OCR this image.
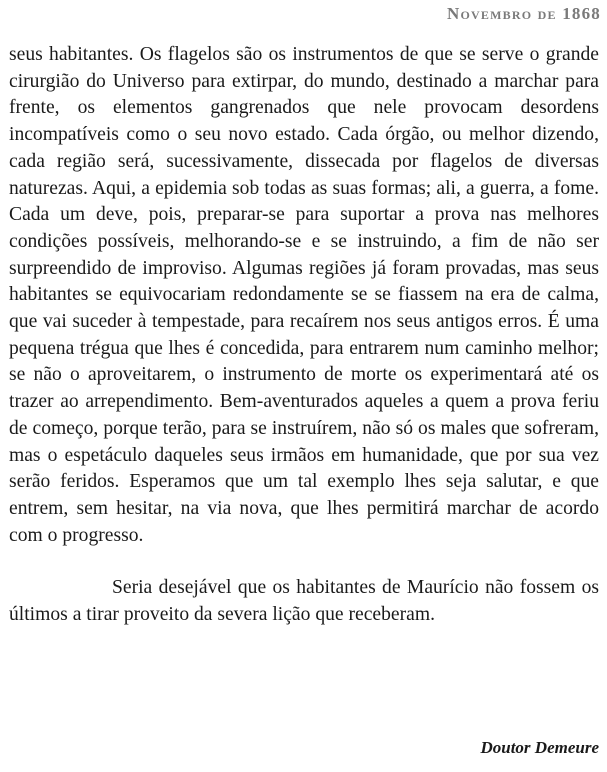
Novembro de 1868

seus habitantes. Os flagelos são os instrumentos de que se serve o grande cirurgião do Universo para extirpar, do mundo, destinado a marchar para frente, os elementos gangrenados que nele provocam desordens incompatíveis como o seu novo estado. Cada órgão, ou melhor dizendo, cada região será, sucessivamente, dissecada por flagelos de diversas naturezas. Aqui, a epidemia sob todas as suas formas; ali, a guerra, a fome. Cada um deve, pois, preparar-se para suportar a prova nas melhores condições possíveis, melhorando-se e se instruindo, a fim de não ser surpreendido de improviso. Algumas regiões já foram provadas, mas seus habitantes se equivocariam redondamente se se fiassem na era de calma, que vai suceder à tempestade, para recaírem nos seus antigos erros. É uma pequena trégua que lhes é concedida, para entrarem num caminho melhor; se não o aproveitarem, o instrumento de morte os experimentará até os trazer ao arrependimento. Bem-aventurados aqueles a quem a prova feriu de começo, porque terão, para se instruírem, não só os males que sofreram, mas o espetáculo daqueles seus irmãos em humanidade, que por sua vez serão feridos. Esperamos que um tal exemplo lhes seja salutar, e que entrem, sem hesitar, na via nova, que lhes permitirá marchar de acordo com o progresso.

Seria desejável que os habitantes de Maurício não fossem os últimos a tirar proveito da severa lição que receberam.

Doutor Demeure
